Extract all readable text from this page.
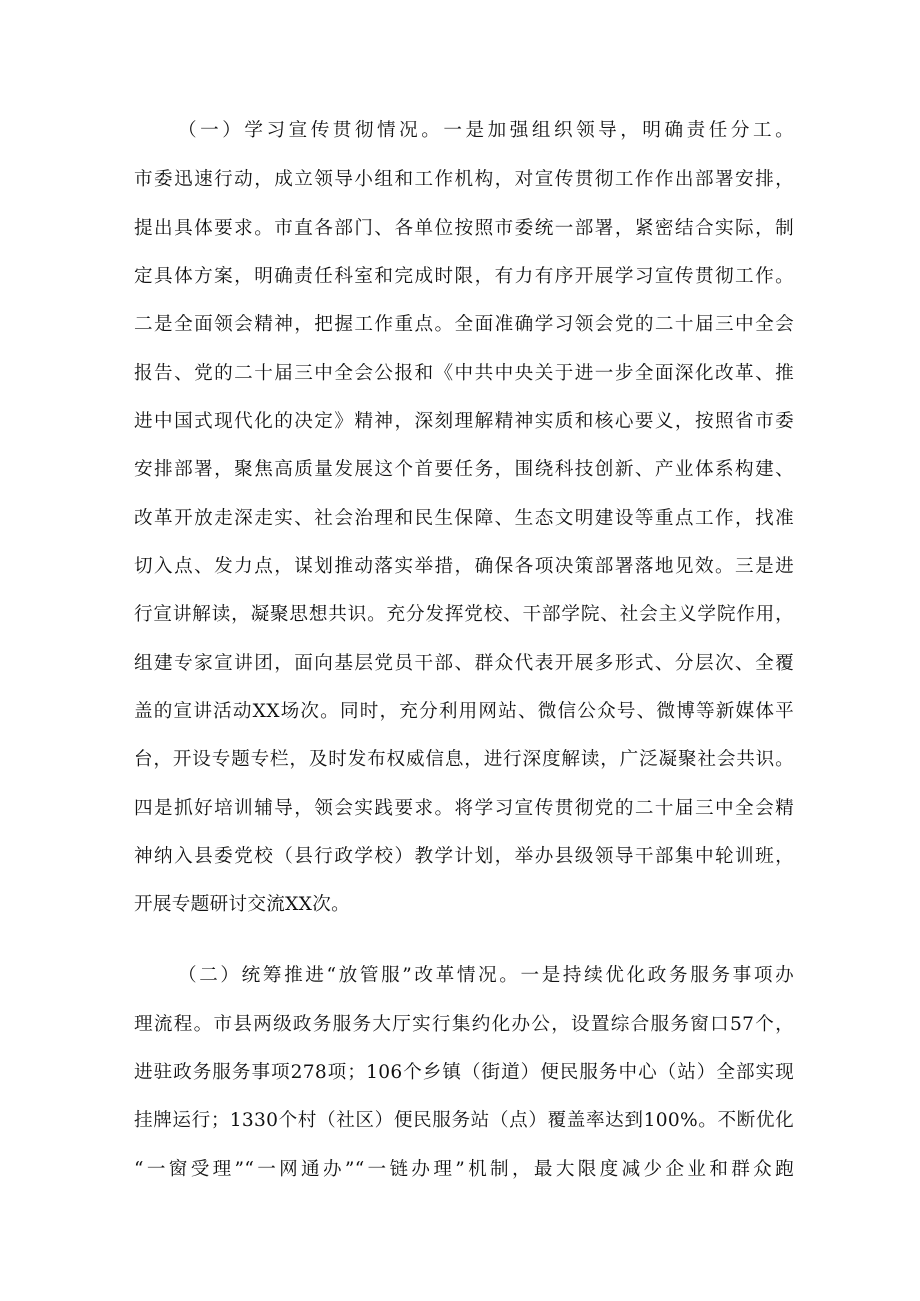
（一）学习宣传贯彻情况。一是加强组织领导，明确责任分工。
市委迅速行动，成立领导小组和工作机构，对宣传贯彻工作作出部署安排，
提出具体要求。市直各部门、各单位按照市委统一部署，紧密结合实际，制
定具体方案，明确责任科室和完成时限，有力有序开展学习宣传贯彻工作。
二是全面领会精神，把握工作重点。全面准确学习领会党的二十届三中全会
报告、党的二十届三中全会公报和《中共中央关于进一步全面深化改革、推
进中国式现代化的决定》精神，深刻理解精神实质和核心要义，按照省市委
安排部署，聚焦高质量发展这个首要任务，围绕科技创新、产业体系构建、
改革开放走深走实、社会治理和民生保障、生态文明建设等重点工作，找准
切入点、发力点，谋划推动落实举措，确保各项决策部署落地见效。三是进
行宣讲解读，凝聚思想共识。充分发挥党校、干部学院、社会主义学院作用，
组建专家宣讲团，面向基层党员干部、群众代表开展多形式、分层次、全覆
盖的宣讲活动XX场次。同时，充分利用网站、微信公众号、微博等新媒体平
台，开设专题专栏，及时发布权威信息，进行深度解读，广泛凝聚社会共识。
四是抓好培训辅导，领会实践要求。将学习宣传贯彻党的二十届三中全会精
神纳入县委党校（县行政学校）教学计划，举办县级领导干部集中轮训班，
开展专题研讨交流XX次。
（二）统筹推进“放管服”改革情况。一是持续优化政务服务事项办
理流程。市县两级政务服务大厅实行集约化办公，设置综合服务窗口57个，
进驻政务服务事项278项；106个乡镇（街道）便民服务中心（站）全部实现
挂牌运行；1330个村（社区）便民服务站（点）覆盖率达到100%。不断优化
“一窗受理”“一网通办”“一链办理”机制，最大限度减少企业和群众跑
